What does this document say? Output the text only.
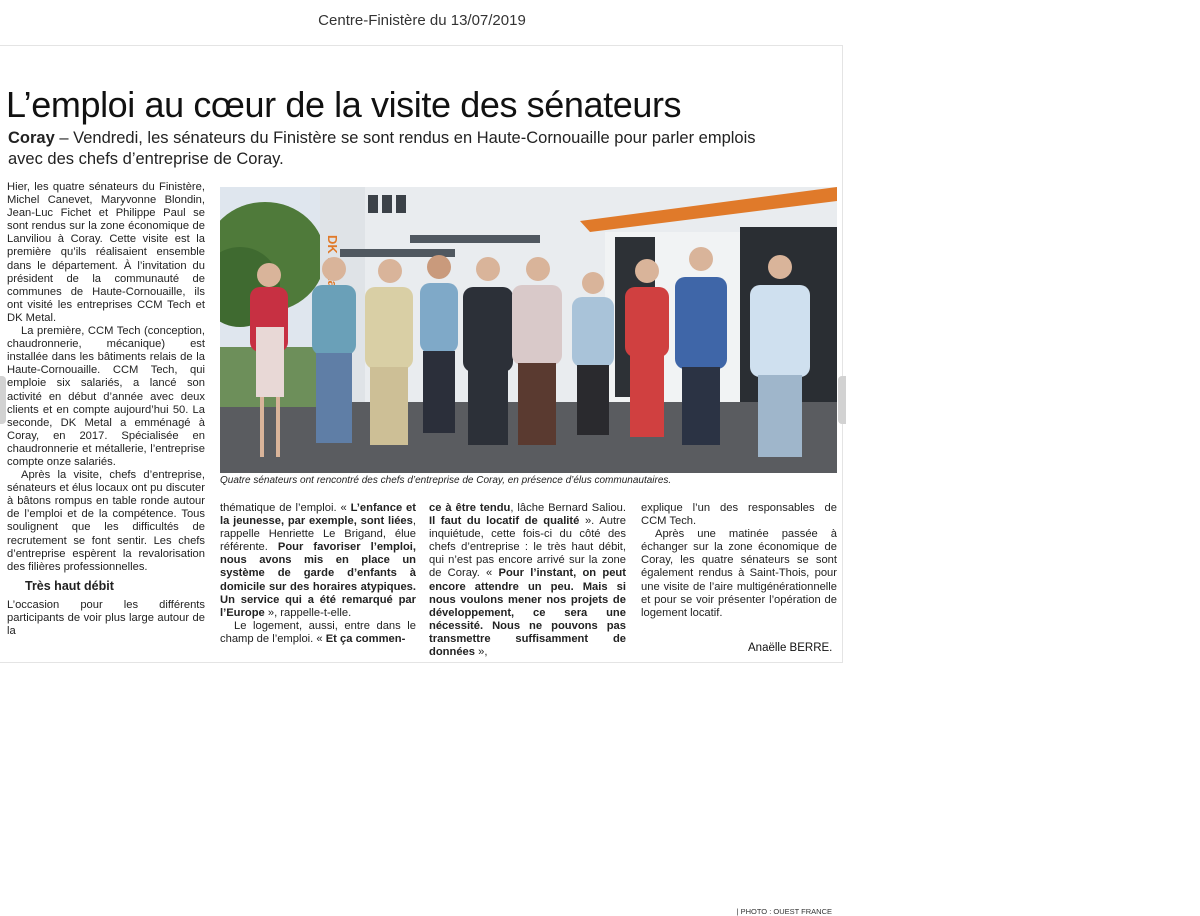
Centre-Finistère du 13/07/2019
L’emploi au cœur de la visite des sénateurs

Coray – Vendredi, les sénateurs du Finistère se sont rendus en Haute-Cornouaille pour parler emplois avec des chefs d’entreprise de Coray.

Hier, les quatre sénateurs du Finistère, Michel Canevet, Maryvonne Blondin, Jean-Luc Fichet et Philippe Paul se sont rendus sur la zone économique de Lanviliou à Coray. Cette visite est la première qu’ils réalisaient ensemble dans le département. À l’invitation du président de la communauté de communes de Haute-Cornouaille, ils ont visité les entreprises CCM Tech et DK Metal.

La première, CCM Tech (conception, chaudronnerie, mécanique) est installée dans les bâtiments relais de la Haute-Cornouaille. CCM Tech, qui emploie six salariés, a lancé son activité en début d’année avec deux clients et en compte aujourd’hui 50. La seconde, DK Metal a emménagé à Coray, en 2017. Spécialisée en chaudronnerie et métallerie, l’entreprise compte onze salariés.

Après la visite, chefs d’entreprise, sénateurs et élus locaux ont pu discuter à bâtons rompus en table ronde autour de l’emploi et de la compétence. Tous soulignent que les difficultés de recrutement se font sentir. Les chefs d’entreprise espèrent la revalorisation des filières professionnelles.

Très haut débit

L’occasion pour les différents participants de voir plus large autour de la

Quatre sénateurs ont rencontré des chefs d’entreprise de Coray, en présence d’élus communautaires.
| PHOTO : OUEST FRANCE

thématique de l’emploi. « L’enfance et la jeunesse, par exemple, sont liées, rappelle Henriette Le Brigand, élue référente. Pour favoriser l’emploi, nous avons mis en place un système de garde d’enfants à domicile sur des horaires atypiques. Un service qui a été remarqué par l’Europe », rappelle-t-elle.

Le logement, aussi, entre dans le champ de l’emploi. « Et ça commen-

ce à être tendu, lâche Bernard Saliou. Il faut du locatif de qualité ». Autre inquiétude, cette fois-ci du côté des chefs d’entreprise : le très haut débit, qui n’est pas encore arrivé sur la zone de Coray. « Pour l’instant, on peut encore attendre un peu. Mais si nous voulons mener nos projets de développement, ce sera une nécessité. Nous ne pouvons pas transmettre suffisamment de données »,

explique l’un des responsables de CCM Tech.

Après une matinée passée à échanger sur la zone économique de Coray, les quatre sénateurs se sont également rendus à Saint-Thois, pour une visite de l’aire multigénérationnelle et pour se voir présenter l’opération de logement locatif.

Anaëlle BERRE.
